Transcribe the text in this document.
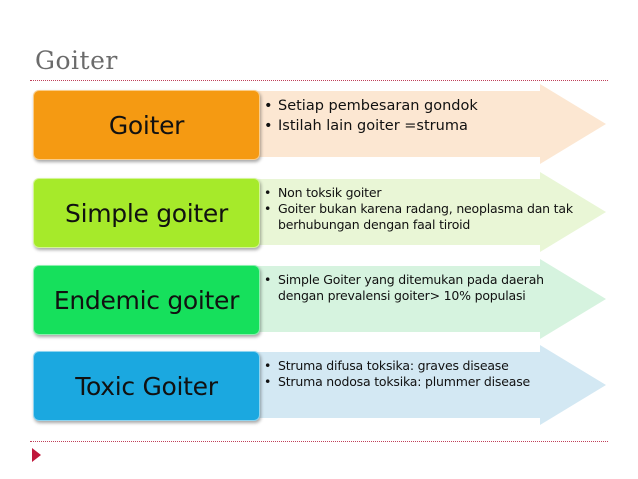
Goiter
Goiter
• Setiap pembesaran gondok
• Istilah lain goiter =struma
Simple goiter
• Non toksik goiter
• Goiter bukan karena radang, neoplasma dan tak berhubungan dengan faal tiroid
Endemic goiter
• Simple Goiter yang ditemukan pada daerah dengan prevalensi goiter> 10% populasi
Toxic Goiter
• Struma difusa toksika: graves disease
• Struma nodosa toksika: plummer disease
